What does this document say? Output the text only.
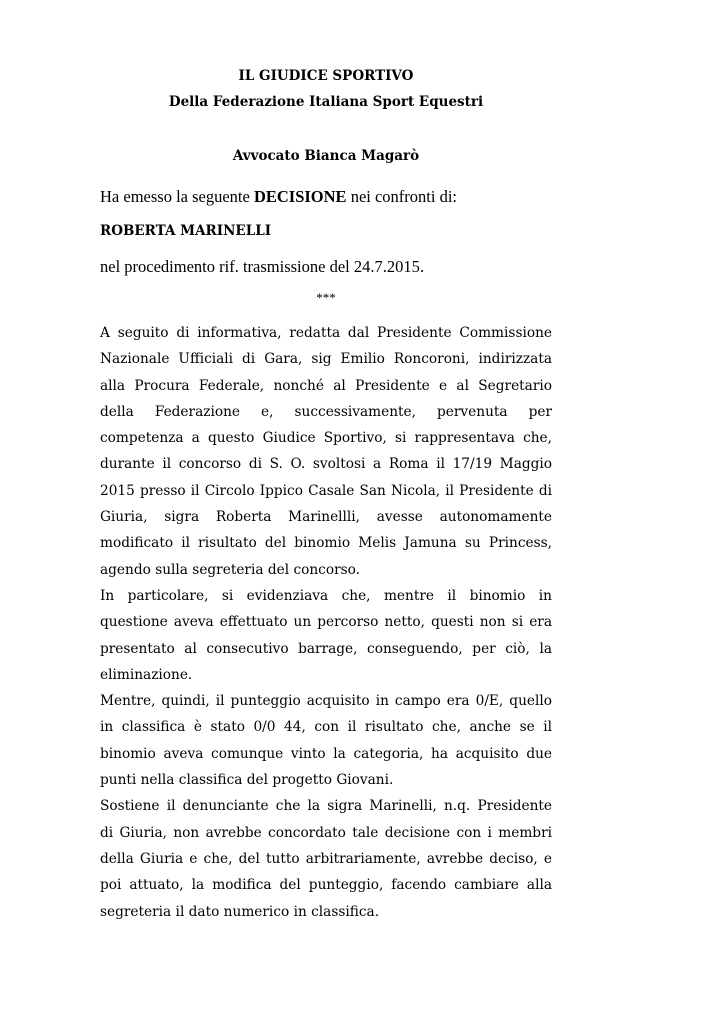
IL GIUDICE SPORTIVO
Della Federazione Italiana Sport Equestri
Avvocato Bianca Magarò
Ha emesso la seguente DECISIONE nei confronti di:
ROBERTA MARINELLI
nel procedimento rif. trasmissione del 24.7.2015.
***
A seguito di informativa, redatta dal Presidente Commissione
Nazionale Ufficiali di Gara, sig Emilio Roncoroni, indirizzata
alla Procura Federale, nonché al Presidente e al Segretario
della Federazione e, successivamente, pervenuta per
competenza a questo Giudice Sportivo, si rappresentava che,
durante il concorso di S. O. svoltosi a Roma il 17/19 Maggio
2015 presso il Circolo Ippico Casale San Nicola, il Presidente di
Giuria, sigra Roberta Marinellli, avesse autonomamente
modificato il risultato del binomio Melis Jamuna su Princess,
agendo sulla segreteria del concorso.
In particolare, si evidenziava che, mentre il binomio in
questione aveva effettuato un percorso netto, questi non si era
presentato al consecutivo barrage, conseguendo, per ciò, la
eliminazione.
Mentre, quindi, il punteggio acquisito in campo era 0/E, quello
in classifica è stato 0/0 44, con il risultato che, anche se il
binomio aveva comunque vinto la categoria, ha acquisito due
punti nella classifica del progetto Giovani.
Sostiene il denunciante che la sigra Marinelli, n.q. Presidente
di Giuria, non avrebbe concordato tale decisione con i membri
della Giuria e che, del tutto arbitrariamente, avrebbe deciso, e
poi attuato, la modifica del punteggio, facendo cambiare alla
segreteria il dato numerico in classifica.
